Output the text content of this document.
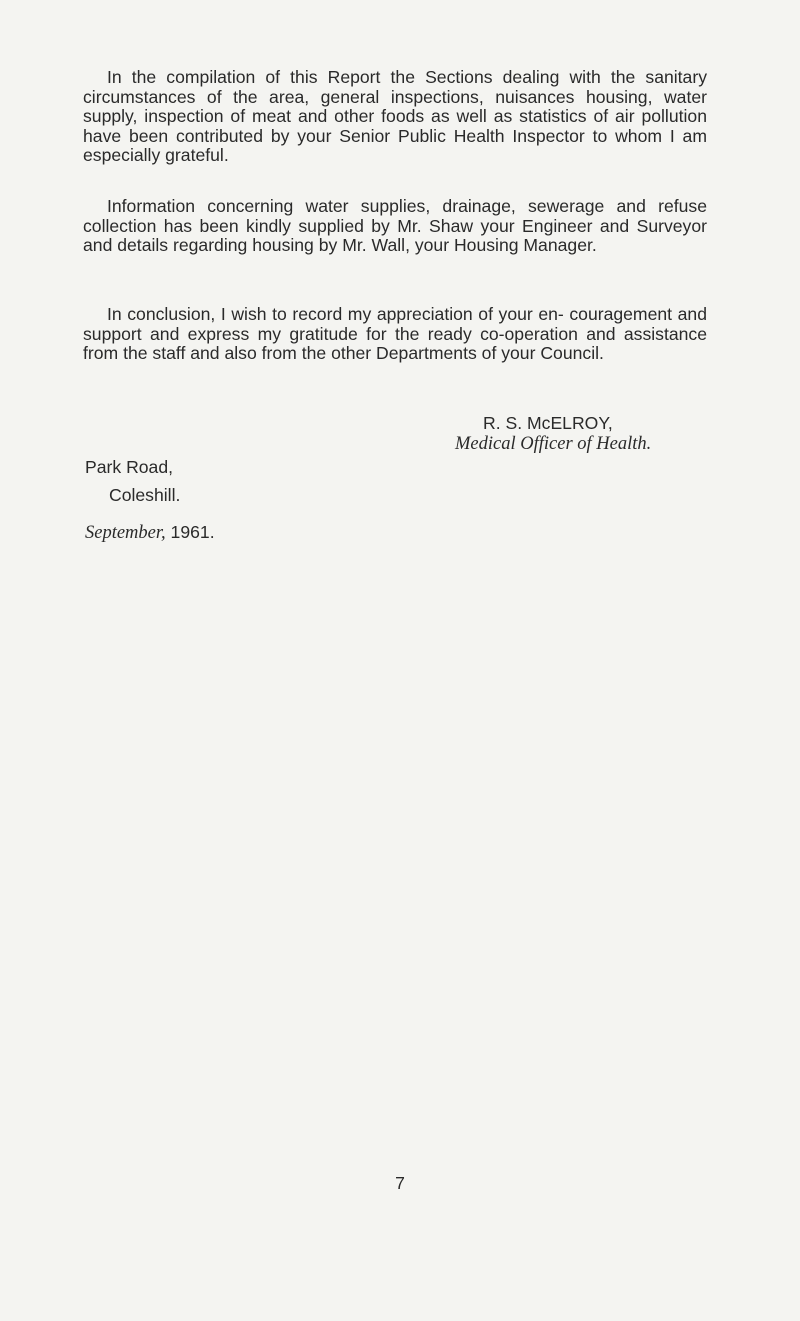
In the compilation of this Report the Sections dealing with the sanitary circumstances of the area, general inspections, nuisances housing, water supply, inspection of meat and other foods as well as statistics of air pollution have been contributed by your Senior Public Health Inspector to whom I am especially grateful.

Information concerning water supplies, drainage, sewerage and refuse collection has been kindly supplied by Mr. Shaw your Engineer and Surveyor and details regarding housing by Mr. Wall, your Housing Manager.

In conclusion, I wish to record my appreciation of your en- couragement and support and express my gratitude for the ready co-operation and assistance from the staff and also from the other Departments of your Council.

R. S. McELROY,

Medical Officer of Health.

Park Road,

Coleshill.

September, 1961.

7
